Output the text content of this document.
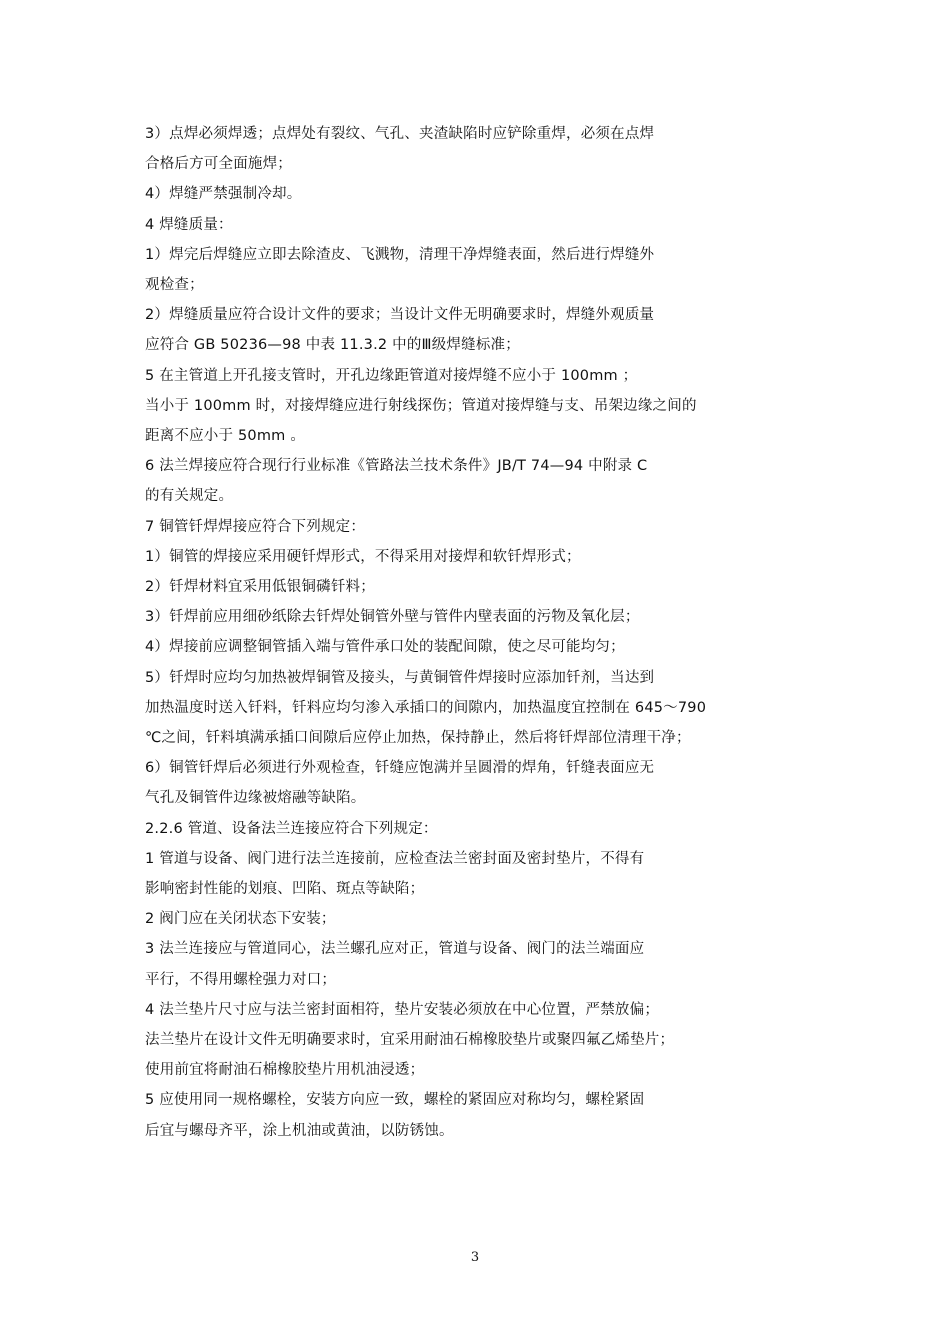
3）点焊必须焊透；点焊处有裂纹、气孔、夹渣缺陷时应铲除重焊，必须在点焊
合格后方可全面施焊；
4）焊缝严禁强制冷却。
4 焊缝质量：
1）焊完后焊缝应立即去除渣皮、飞溅物，清理干净焊缝表面，然后进行焊缝外
观检查；
2）焊缝质量应符合设计文件的要求；当设计文件无明确要求时，焊缝外观质量
应符合 GB 50236—98 中表 11.3.2 中的Ⅲ级焊缝标准；
5 在主管道上开孔接支管时，开孔边缘距管道对接焊缝不应小于 100mm ；
当小于 100mm 时，对接焊缝应进行射线探伤；管道对接焊缝与支、吊架边缘之间的
距离不应小于 50mm 。
6 法兰焊接应符合现行行业标准《管路法兰技术条件》JB/T 74—94 中附录 C
的有关规定。
7 铜管钎焊焊接应符合下列规定：
1）铜管的焊接应采用硬钎焊形式，不得采用对接焊和软钎焊形式；
2）钎焊材料宜采用低银铜磷钎料；
3）钎焊前应用细砂纸除去钎焊处铜管外壁与管件内壁表面的污物及氧化层；
4）焊接前应调整铜管插入端与管件承口处的装配间隙，使之尽可能均匀；
5）钎焊时应均匀加热被焊铜管及接头，与黄铜管件焊接时应添加钎剂，当达到
加热温度时送入钎料，钎料应均匀渗入承插口的间隙内，加热温度宜控制在 645～790
℃之间，钎料填满承插口间隙后应停止加热，保持静止，然后将钎焊部位清理干净；
6）铜管钎焊后必须进行外观检查，钎缝应饱满并呈圆滑的焊角，钎缝表面应无
气孔及铜管件边缘被熔融等缺陷。
2.2.6 管道、设备法兰连接应符合下列规定：
1 管道与设备、阀门进行法兰连接前，应检查法兰密封面及密封垫片，不得有
影响密封性能的划痕、凹陷、斑点等缺陷；
2 阀门应在关闭状态下安装；
3 法兰连接应与管道同心，法兰螺孔应对正，管道与设备、阀门的法兰端面应
平行，不得用螺栓强力对口；
4 法兰垫片尺寸应与法兰密封面相符，垫片安装必须放在中心位置，严禁放偏；
法兰垫片在设计文件无明确要求时，宜采用耐油石棉橡胶垫片或聚四氟乙烯垫片；
使用前宜将耐油石棉橡胶垫片用机油浸透；
5 应使用同一规格螺栓，安装方向应一致，螺栓的紧固应对称均匀，螺栓紧固
后宜与螺母齐平，涂上机油或黄油，以防锈蚀。
3
